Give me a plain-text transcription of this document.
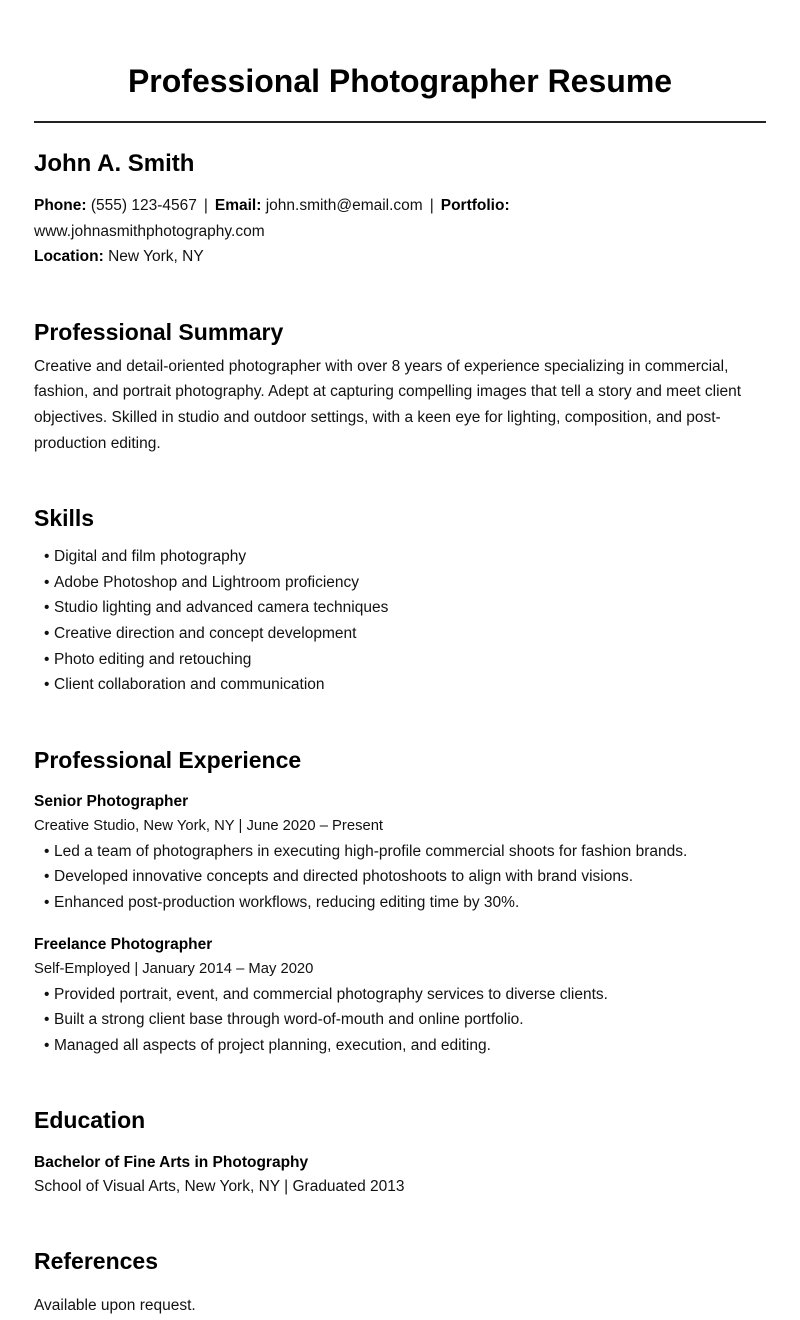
Professional Photographer Resume
John A. Smith
Phone: (555) 123-4567 | Email: john.smith@email.com | Portfolio:
www.johnasmithphotography.com
Location: New York, NY
Professional Summary

Creative and detail-oriented photographer with over 8 years of experience specializing in commercial, fashion, and portrait photography. Adept at capturing compelling images that tell a story and meet client objectives. Skilled in studio and outdoor settings, with a keen eye for lighting, composition, and post-production editing.

Skills
• Digital and film photography
• Adobe Photoshop and Lightroom proficiency
• Studio lighting and advanced camera techniques
• Creative direction and concept development
• Photo editing and retouching
• Client collaboration and communication
Professional Experience
Senior Photographer
Creative Studio, New York, NY | June 2020 – Present
• Led a team of photographers in executing high-profile commercial shoots for fashion brands.
• Developed innovative concepts and directed photoshoots to align with brand visions.
• Enhanced post-production workflows, reducing editing time by 30%.
Freelance Photographer
Self-Employed | January 2014 – May 2020
• Provided portrait, event, and commercial photography services to diverse clients.
• Built a strong client base through word-of-mouth and online portfolio.
• Managed all aspects of project planning, execution, and editing.
Education
Bachelor of Fine Arts in Photography
School of Visual Arts, New York, NY | Graduated 2013
References

Available upon request.
